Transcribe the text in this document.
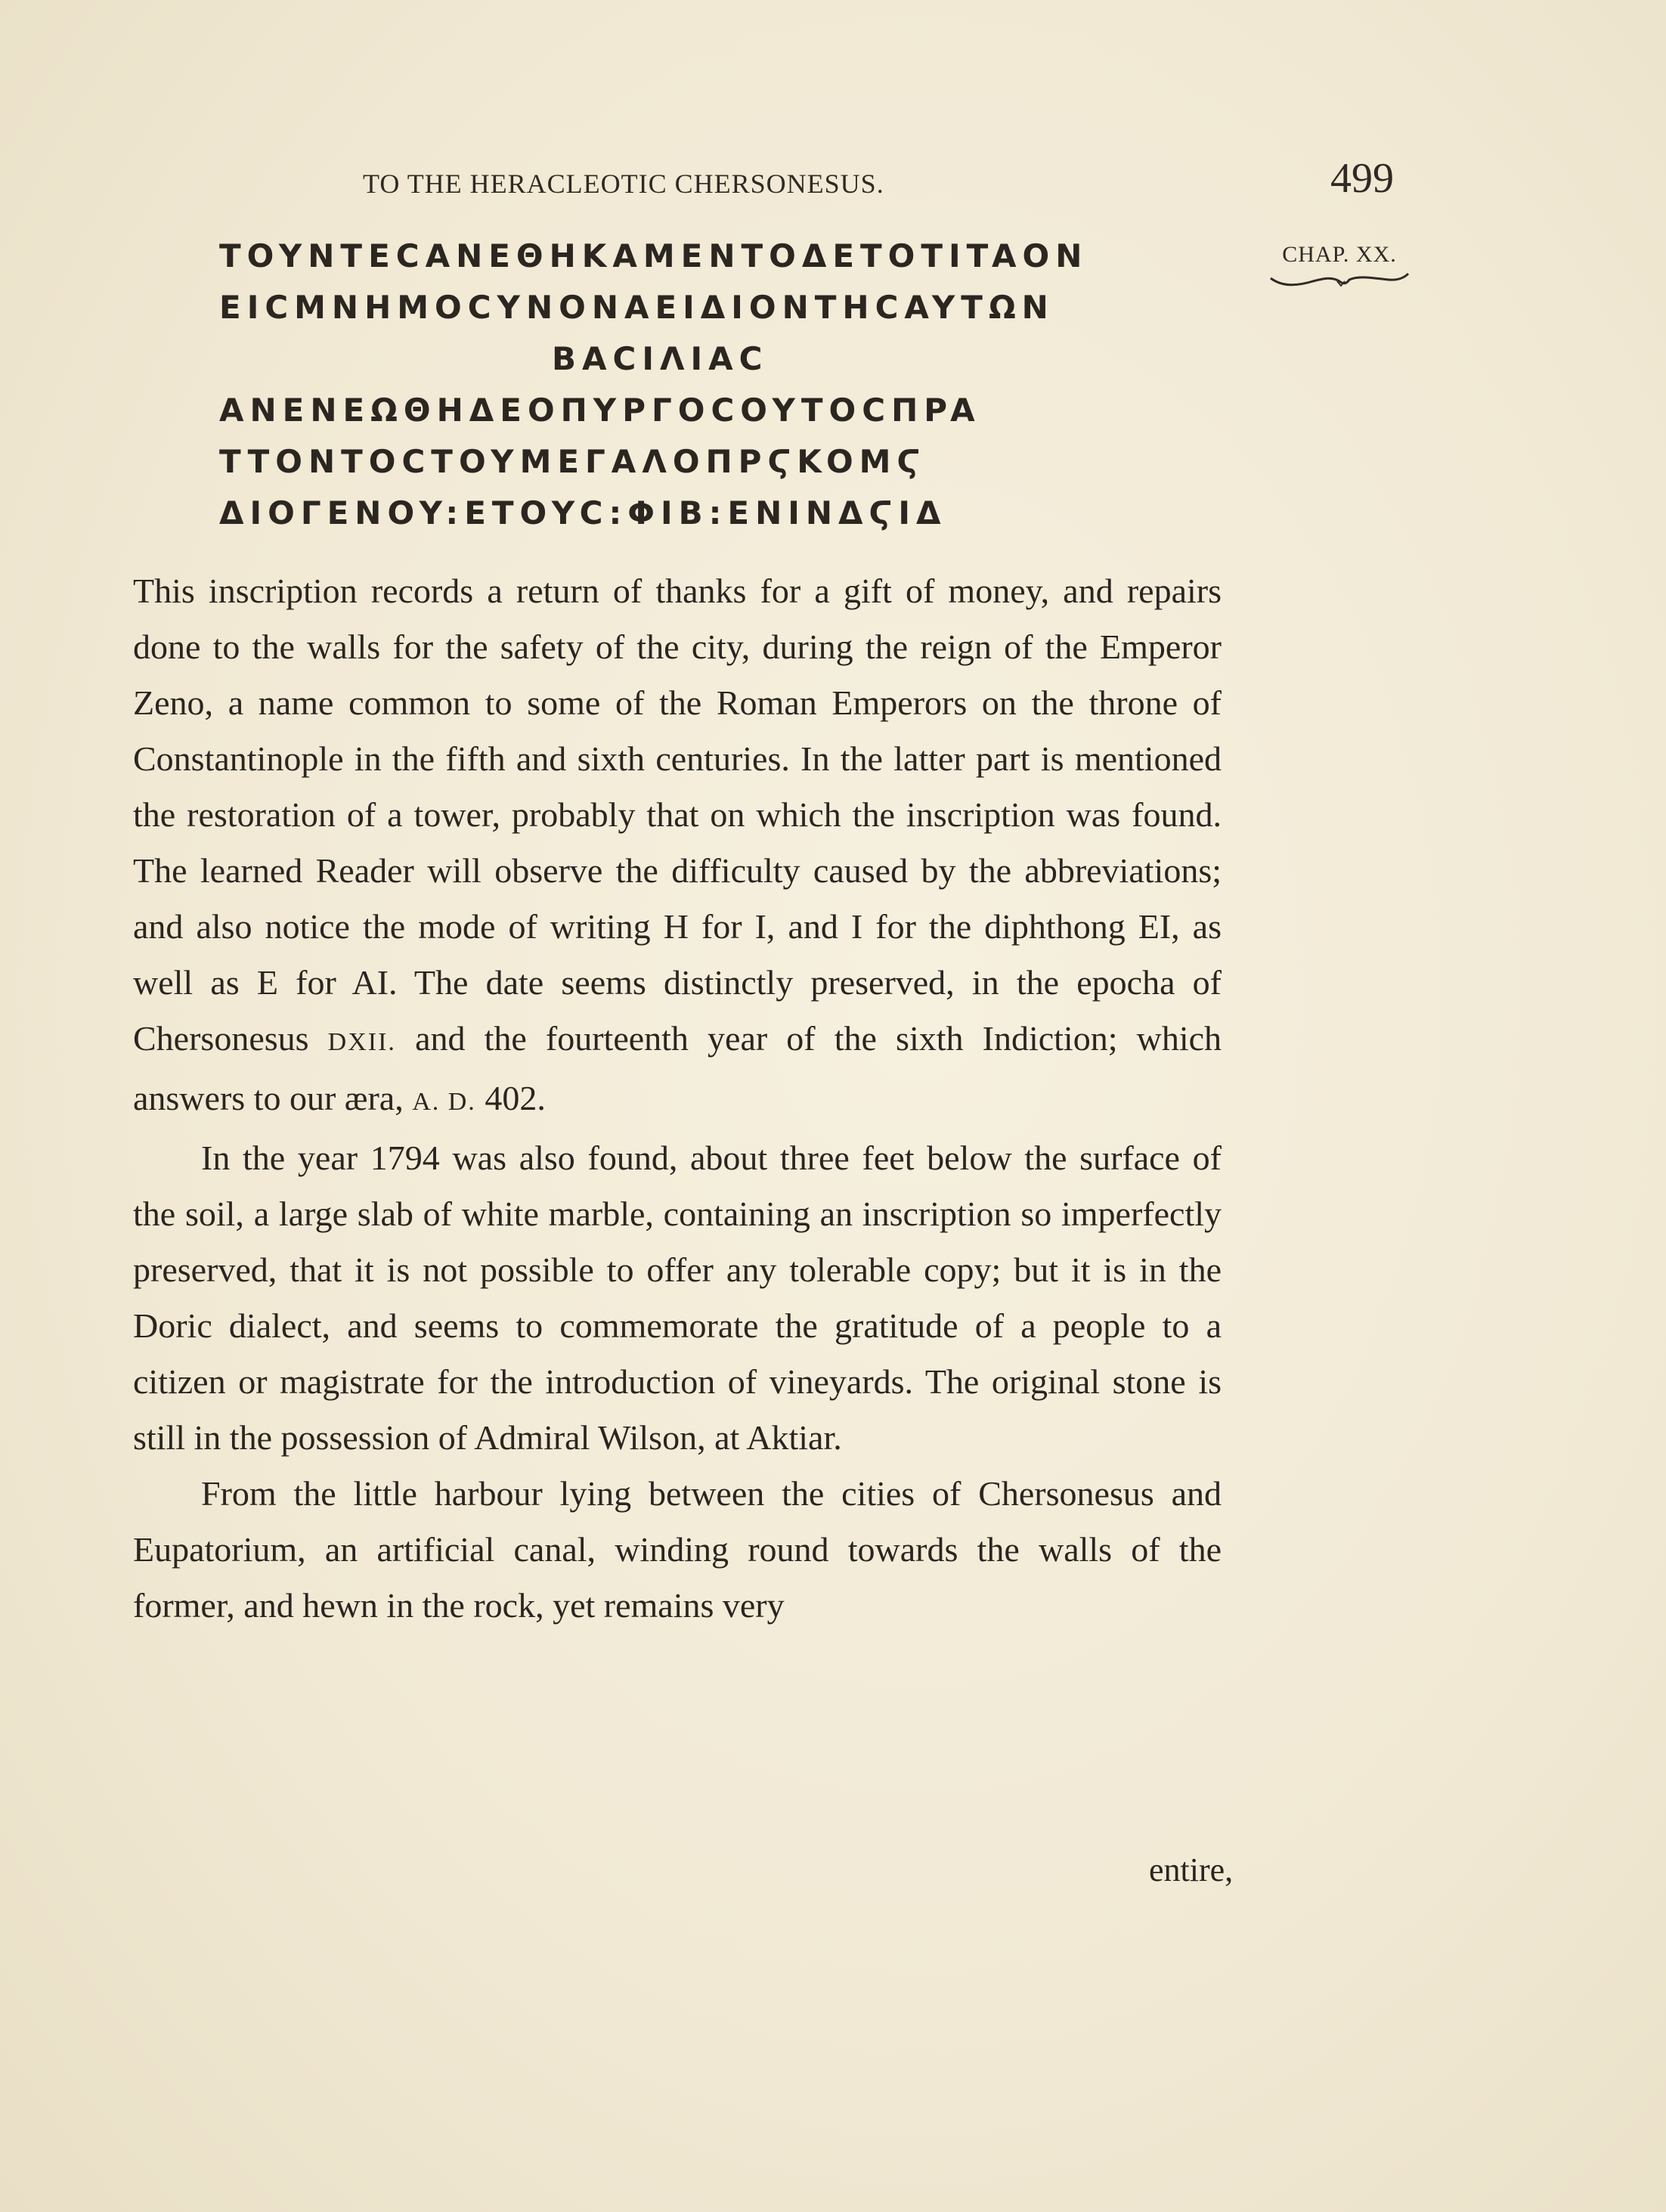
TO THE HERACLEOTIC CHERSONESUS.	499
CHAP. XX.
TOYNTECANEΘHKAMENTOΔETOTITAON
EICMNHMOCYNONAEIΔIONTHCAYTΩN
BACIΛIAC
ANENEΩΘHΔEOΠYPΓOCOYTOCΠPA
TTONTOCTOYMEΓAΛOΠPϚKOMϚ
ΔIOΓENOY:ETOYC:ΦIB:ENINΔϚIΔ

This inscription records a return of thanks for a gift of money, and repairs done to the walls for the safety of the city, during the reign of the Emperor Zeno, a name common to some of the Roman Emperors on the throne of Constantinople in the fifth and sixth centuries. In the latter part is mentioned the restoration of a tower, probably that on which the inscription was found. The learned Reader will observe the difficulty caused by the abbreviations; and also notice the mode of writing H for I, and I for the diphthong EI, as well as E for AI. The date seems distinctly preserved, in the epocha of Chersonesus DXII. and the fourteenth year of the sixth Indiction; which answers to our æra, A. D. 402.

In the year 1794 was also found, about three feet below the surface of the soil, a large slab of white marble, containing an inscription so imperfectly preserved, that it is not possible to offer any tolerable copy; but it is in the Doric dialect, and seems to commemorate the gratitude of a people to a citizen or magistrate for the introduction of vineyards. The original stone is still in the possession of Admiral Wilson, at Aktiar.

From the little harbour lying between the cities of Chersonesus and Eupatorium, an artificial canal, winding round towards the walls of the former, and hewn in the rock, yet remains very

entire,
